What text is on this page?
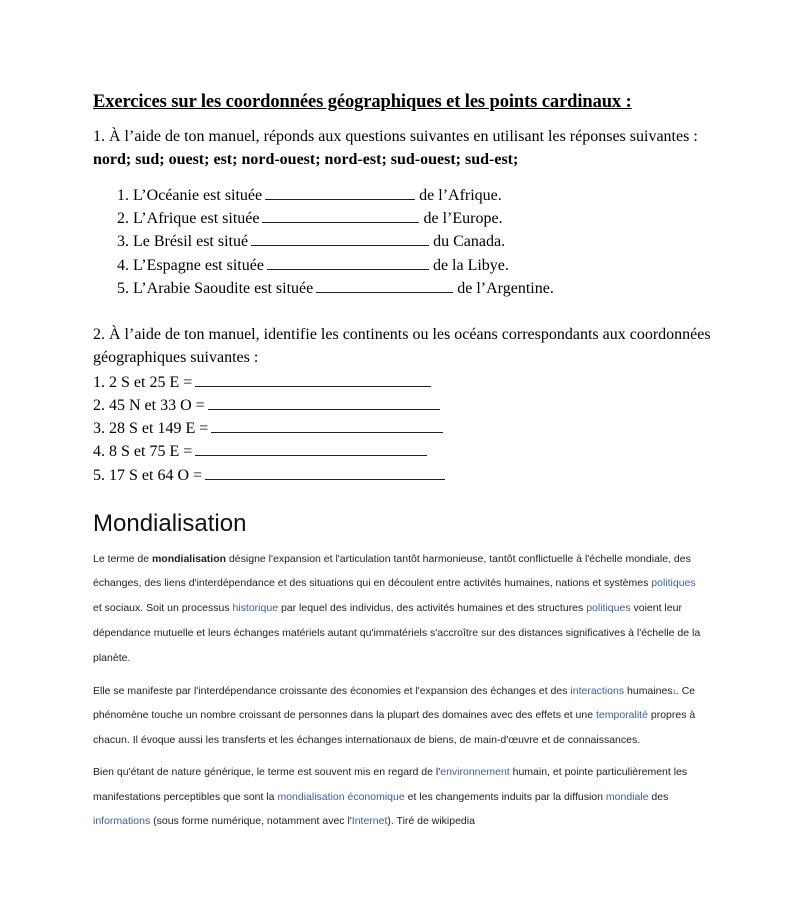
Exercices sur les coordonnées géographiques et les points cardinaux :
1. À l’aide de ton manuel, réponds aux questions suivantes en utilisant les réponses suivantes :
nord; sud; ouest; est; nord-ouest; nord-est; sud-ouest; sud-est;
1. L’Océanie est située	de l’Afrique.
2. L’Afrique est située	de l’Europe.
3. Le Brésil est situé	du Canada.
4. L’Espagne est située	de la Libye.
5. L’Arabie Saoudite est située	de l’Argentine.
2. À l’aide de ton manuel, identifie les continents ou les océans correspondants aux coordonnées
géographiques suivantes :
1. 2 S et 25 E =
2. 45 N et 33 O =
3. 28 S et 149 E =
4. 8 S et 75 E =
5. 17 S et 64 O =
Mondialisation
Le terme de mondialisation désigne l'expansion et l'articulation tantôt harmonieuse, tantôt conflictuelle à l'échelle mondiale, des
échanges, des liens d'interdépendance et des situations qui en découlent entre activités humaines, nations et systèmes politiques
et sociaux. Soit un processus historique par lequel des individus, des activités humaines et des structures politiques voient leur
dépendance mutuelle et leurs échanges matériels autant qu'immatériels s'accroître sur des distances significatives à l'échelle de la
planète.
Elle se manifeste par l'interdépendance croissante des économies et l'expansion des échanges et des interactions humaines1. Ce
phénomène touche un nombre croissant de personnes dans la plupart des domaines avec des effets et une temporalité propres à
chacun. Il évoque aussi les transferts et les échanges internationaux de biens, de main-d'œuvre et de connaissances.
Bien qu'étant de nature générique, le terme est souvent mis en regard de l'environnement humain, et pointe particulièrement les
manifestations perceptibles que sont la mondialisation économique et les changements induits par la diffusion mondiale des
informations (sous forme numérique, notamment avec l'Internet). Tiré de wikipedia
